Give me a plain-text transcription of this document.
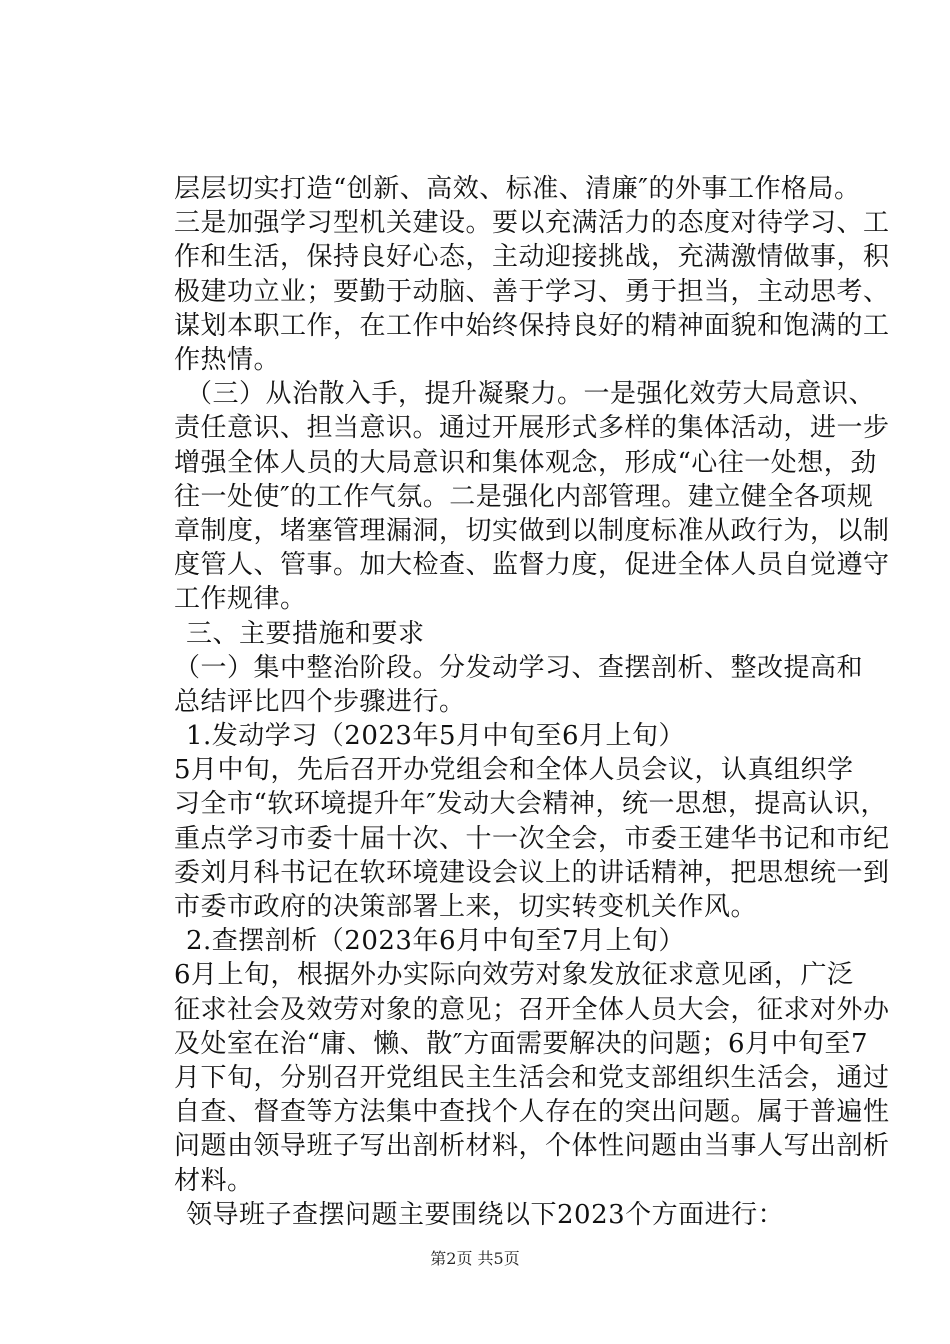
层层切实打造“创新、高效、标准、清廉″的外事工作格局。
三是加强学习型机关建设。要以充满活力的态度对待学习、工
作和生活，保持良好心态，主动迎接挑战，充满激情做事，积
极建功立业；要勤于动脑、善于学习、勇于担当，主动思考、
谋划本职工作，在工作中始终保持良好的精神面貌和饱满的工
作热情。
（三）从治散入手，提升凝聚力。一是强化效劳大局意识、
责任意识、担当意识。通过开展形式多样的集体活动，进一步
增强全体人员的大局意识和集体观念，形成“心往一处想，劲
往一处使″的工作气氛。二是强化内部管理。建立健全各项规
章制度，堵塞管理漏洞，切实做到以制度标准从政行为，以制
度管人、管事。加大检查、监督力度，促进全体人员自觉遵守
工作规律。
三、主要措施和要求
（一）集中整治阶段。分发动学习、查摆剖析、整改提高和
总结评比四个步骤进行。
1.发动学习（2023年5月中旬至6月上旬）
5月中旬，先后召开办党组会和全体人员会议，认真组织学
习全市“软环境提升年″发动大会精神，统一思想，提高认识，
重点学习市委十届十次、十一次全会，市委王建华书记和市纪
委刘月科书记在软环境建设会议上的讲话精神，把思想统一到
市委市政府的决策部署上来，切实转变机关作风。
2.查摆剖析（2023年6月中旬至7月上旬）
6月上旬，根据外办实际向效劳对象发放征求意见函，广泛
征求社会及效劳对象的意见；召开全体人员大会，征求对外办
及处室在治“庸、懒、散″方面需要解决的问题；6月中旬至7
月下旬，分别召开党组民主生活会和党支部组织生活会，通过
自查、督查等方法集中查找个人存在的突出问题。属于普遍性
问题由领导班子写出剖析材料，个体性问题由当事人写出剖析
材料。
领导班子查摆问题主要围绕以下2023个方面进行：
第2页 共5页
